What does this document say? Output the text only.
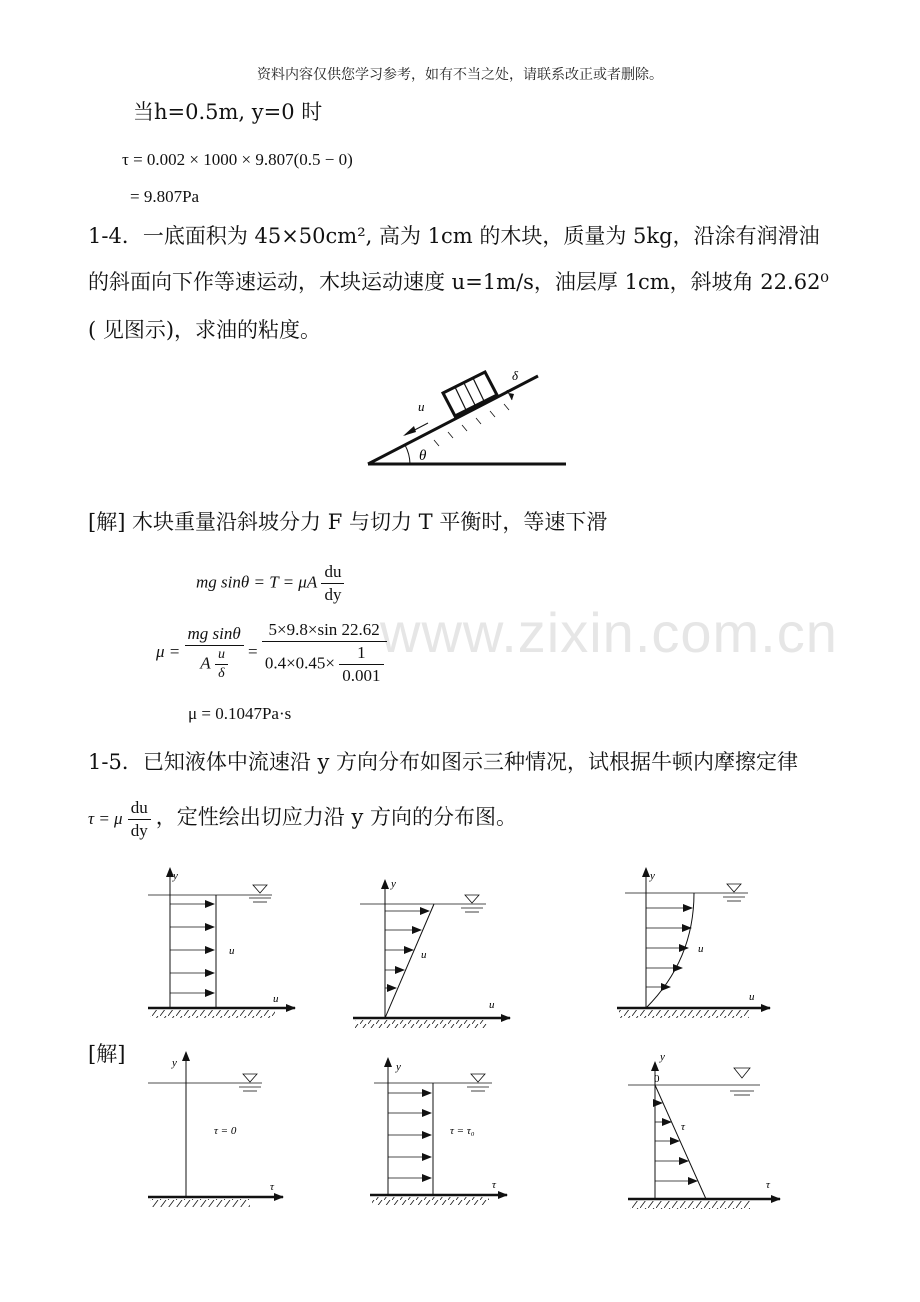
资料内容仅供您学习参考，如有不当之处，请联系改正或者删除。
www.zixin.com.cn
当h=0.5m, y=0 时
τ = 0.002 × 1000 × 9.807(0.5 − 0)
= 9.807Pa
1-4．一底面积为 45×50cm², 高为 1cm 的木块，质量为 5kg，沿涂有润滑油
的斜面向下作等速运动，木块运动速度 u=1m/s，油层厚 1cm，斜坡角 22.62⁰
( 见图示)，求油的粘度。
u
δ
θ
[解] 木块重量沿斜坡分力 F 与切力 T 平衡时，等速下滑
mg sinθ = T = μA $\frac{du}{dy}$
$\mu = \frac{\text{mg sinθ}}{A \frac{u}{\delta}} = \frac{5\times 9.8\times\sin 22.62}{0.4\times 0.45\times \frac{1}{0.001}}$
μ = 0.1047Pa·s
1-5．已知液体中流速沿 y 方向分布如图示三种情况，试根据牛顿内摩擦定律
τ = μ $\frac{du}{dy}$ ，定性绘出切应力沿 y 方向的分布图。
[解]
y
u
u
y
u
u
y
u
u
y
τ = 0
τ
y
τ = τ₀
τ
y
0
τ
τ
